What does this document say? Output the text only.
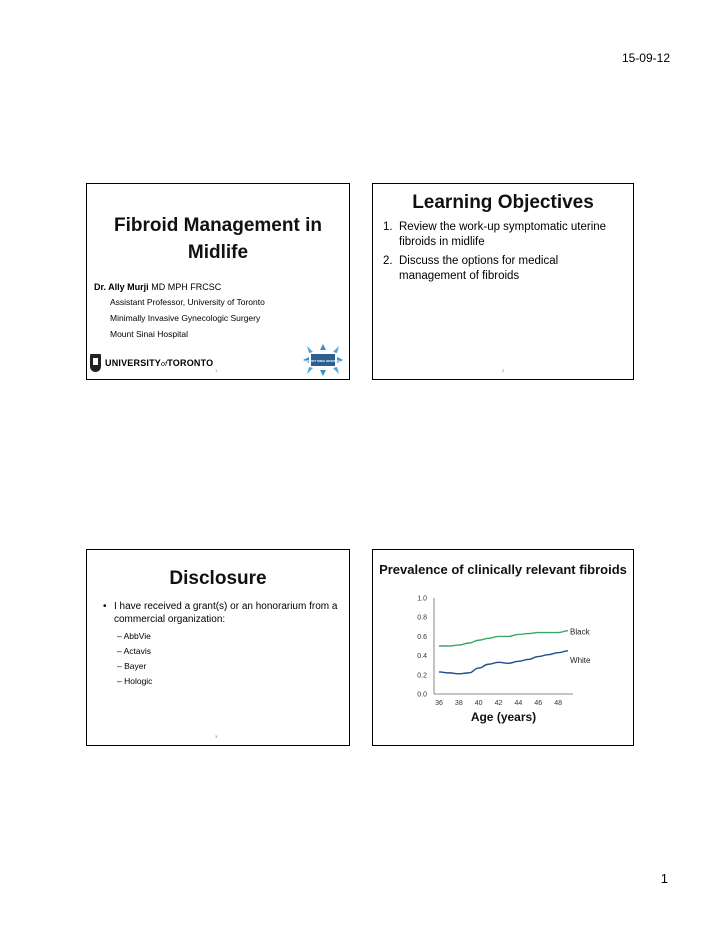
15-09-12
Fibroid Management in
Midlife
Dr. Ally Murji MD MPH FRCSC
Assistant Professor, University of Toronto
Minimally Invasive Gynecologic Surgery
Mount Sinai Hospital
UNIVERSITYofTORONTO	MOUNT SINAI HOSPITAL
1
Learning Objectives
1. Review the work-up symptomatic uterine fibroids in midlife
2. Discuss the options for medical management of fibroids
2
Disclosure
• I have received a grant(s) or an honorarium from a commercial organization:
– AbbVie
– Actavis
– Bayer
– Hologic
3
Prevalence of clinically relevant fibroids
0.0
0.2
0.4
0.6
0.8
1.0
36 38 40 42 44 46 48
Age (years)
Black
White
1
